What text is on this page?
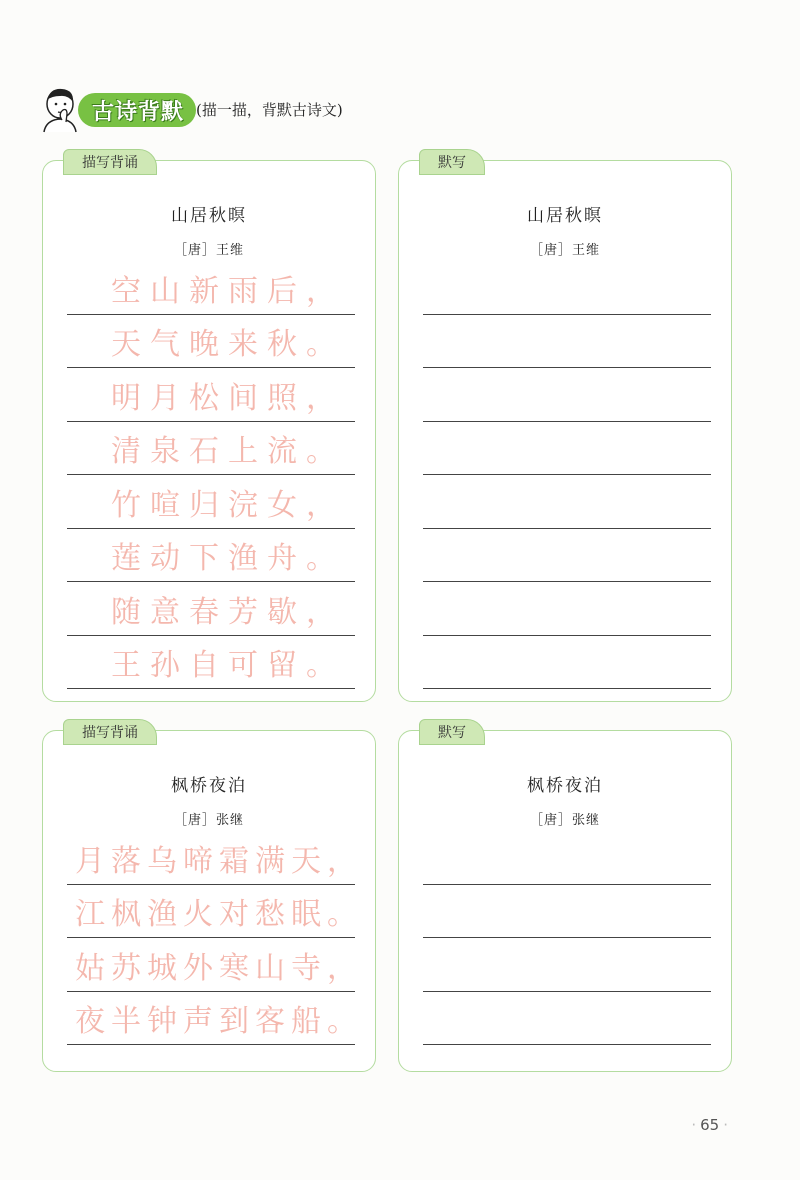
古诗背默 (描一描，背默古诗文)
描写背诵
山居秋暝
［唐］王维
空山新雨后，
天气晚来秋。
明月松间照，
清泉石上流。
竹喧归浣女，
莲动下渔舟。
随意春芳歇，
王孙自可留。
默写
山居秋暝
［唐］王维
描写背诵
枫桥夜泊
［唐］张继
月落乌啼霜满天，
江枫渔火对愁眠。
姑苏城外寒山寺，
夜半钟声到客船。
默写
枫桥夜泊
［唐］张继
· 65 ·
